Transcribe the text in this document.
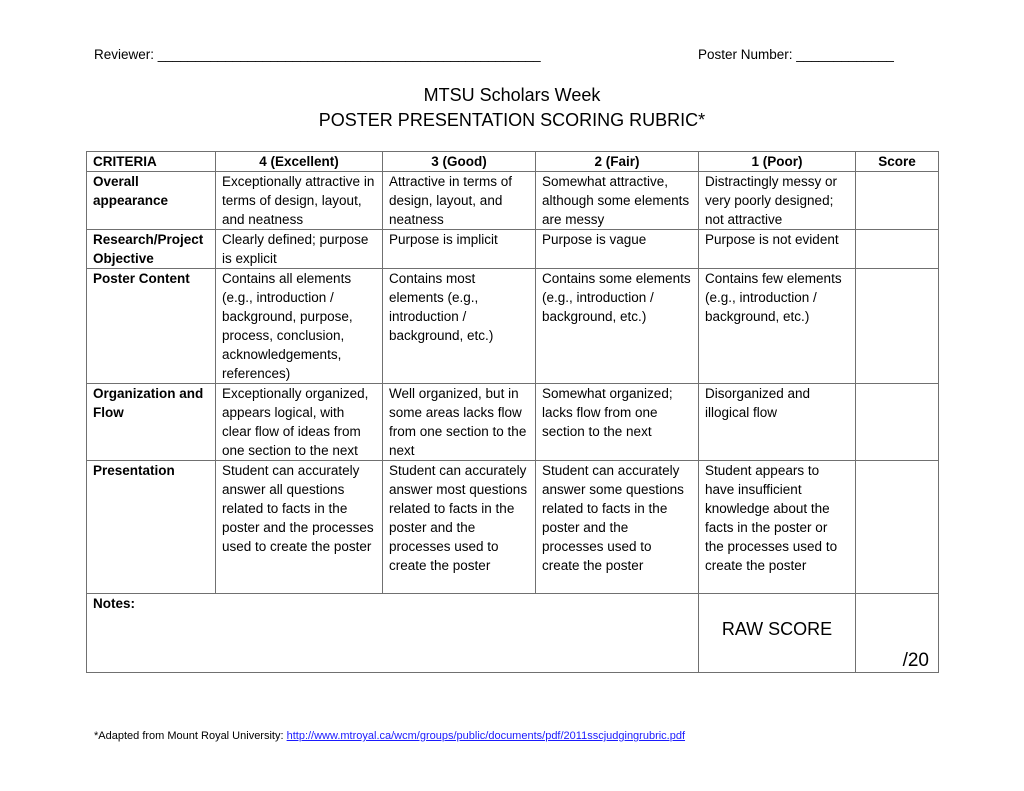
Reviewer: ___________________________________________________	Poster Number: _____________
MTSU Scholars Week
POSTER PRESENTATION SCORING RUBRIC*
CRITERIA	4 (Excellent)	3 (Good)	2 (Fair)	1 (Poor)	Score
Overall appearance	Exceptionally attractive in terms of design, layout, and neatness	Attractive in terms of design, layout, and neatness	Somewhat attractive, although some elements are messy	Distractingly messy or very poorly designed; not attractive	
Research/Project Objective	Clearly defined; purpose is explicit	Purpose is implicit	Purpose is vague	Purpose is not evident	
Poster Content	Contains all elements (e.g., introduction / background, purpose, process, conclusion, acknowledgements, references)	Contains most elements (e.g., introduction / background, etc.)	Contains some elements (e.g., introduction / background, etc.)	Contains few elements (e.g., introduction / background, etc.)	
Organization and Flow	Exceptionally organized, appears logical, with clear flow of ideas from one section to the next	Well organized, but in some areas lacks flow from one section to the next	Somewhat organized; lacks flow from one section to the next	Disorganized and illogical flow	
Presentation	Student can accurately answer all questions related to facts in the poster and the processes used to create the poster	Student can accurately answer most questions related to facts in the poster and the processes used to create the poster	Student can accurately answer some questions related to facts in the poster and the processes used to create the poster	Student appears to have insufficient knowledge about the facts in the poster or the processes used to create the poster	
Notes:				RAW SCORE	/20
*Adapted from Mount Royal University: http://www.mtroyal.ca/wcm/groups/public/documents/pdf/2011sscjudgingrubric.pdf
